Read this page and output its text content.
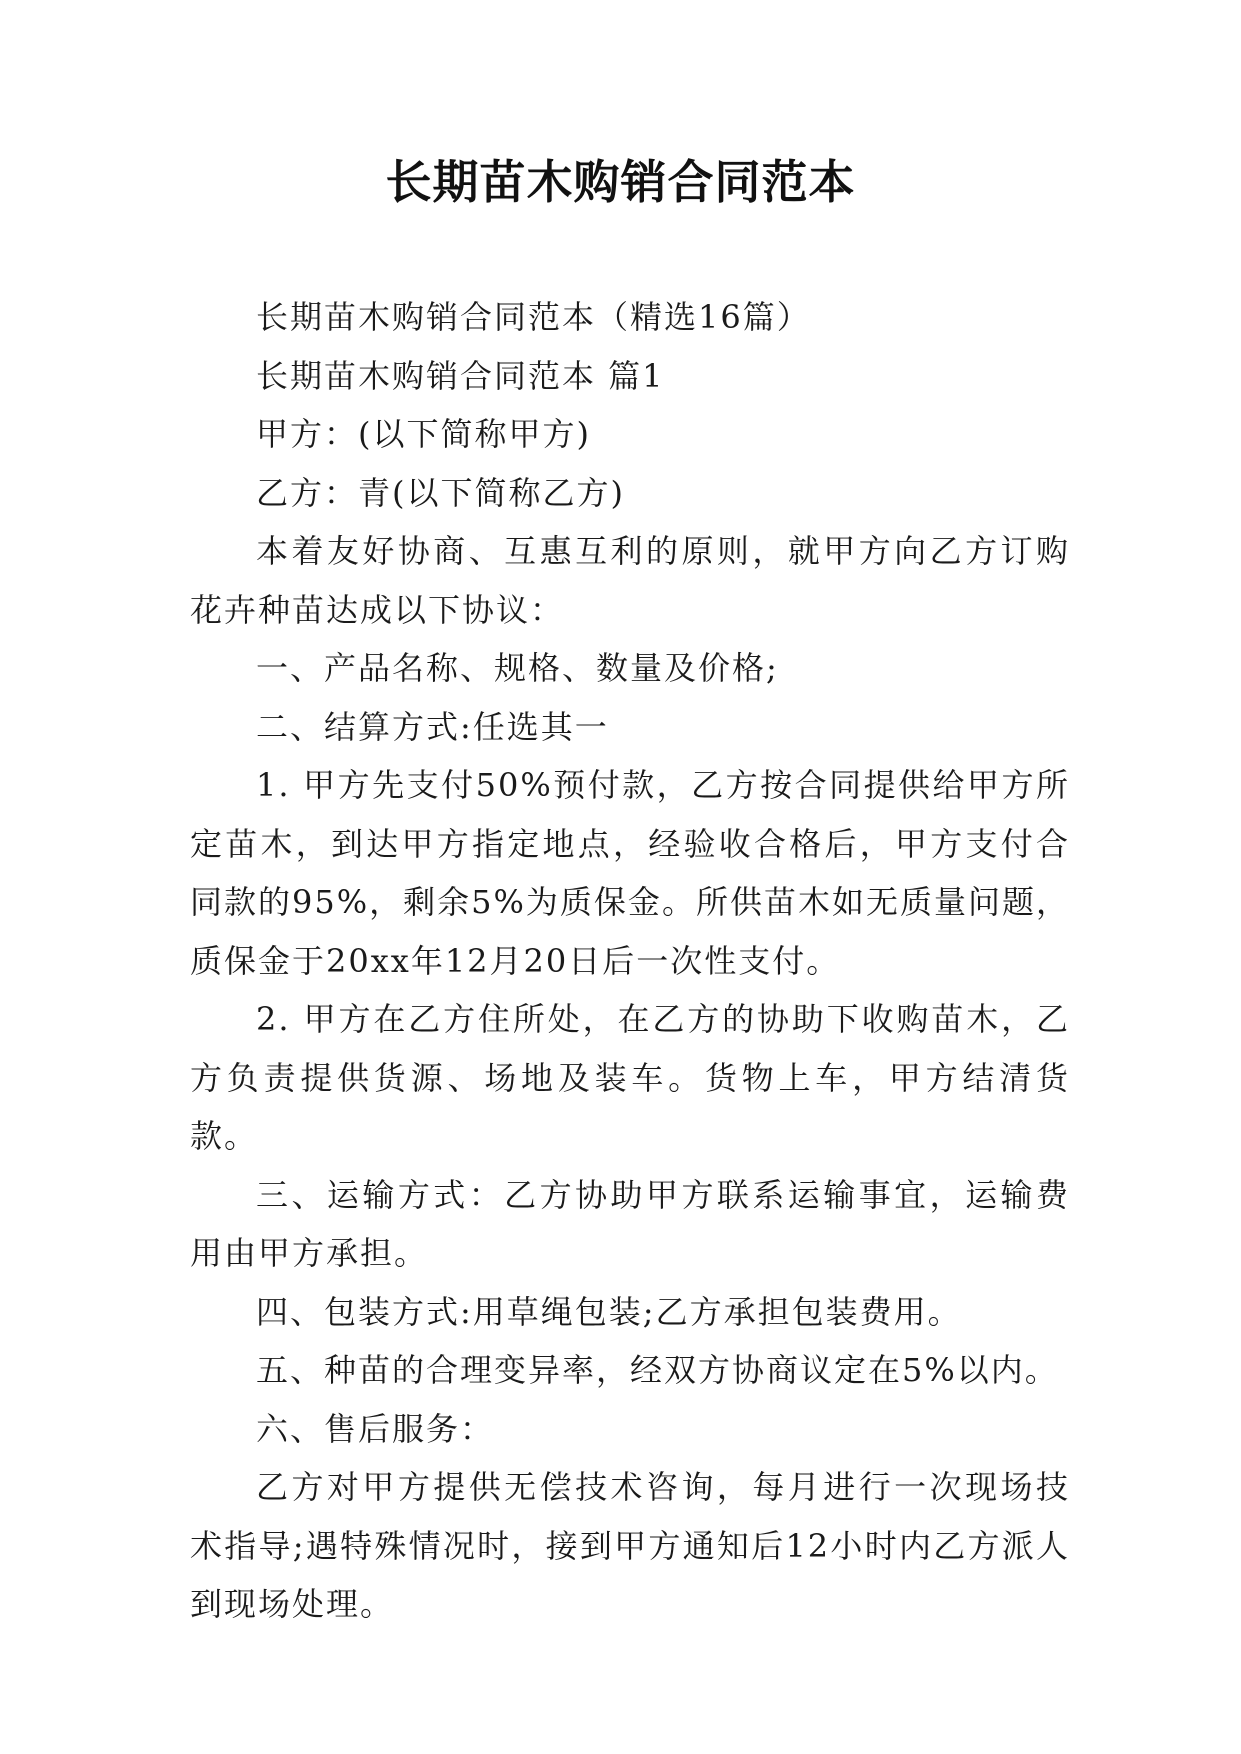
长期苗木购销合同范本

长期苗木购销合同范本（精选16篇）

长期苗木购销合同范本 篇1

甲方：(以下简称甲方)

乙方：青(以下简称乙方)

本着友好协商、互惠互利的原则，就甲方向乙方订购花卉种苗达成以下协议：

一、产品名称、规格、数量及价格;

二、结算方式:任选其一

1. 甲方先支付50%预付款，乙方按合同提供给甲方所定苗木，到达甲方指定地点，经验收合格后，甲方支付合同款的95%，剩余5%为质保金。所供苗木如无质量问题，质保金于20xx年12月20日后一次性支付。

2. 甲方在乙方住所处，在乙方的协助下收购苗木，乙方负责提供货源、场地及装车。货物上车，甲方结清货款。

三、运输方式：乙方协助甲方联系运输事宜，运输费用由甲方承担。

四、包装方式:用草绳包装;乙方承担包装费用。

五、种苗的合理变异率，经双方协商议定在5%以内。

六、售后服务：

乙方对甲方提供无偿技术咨询，每月进行一次现场技术指导;遇特殊情况时，接到甲方通知后12小时内乙方派人到现场处理。
